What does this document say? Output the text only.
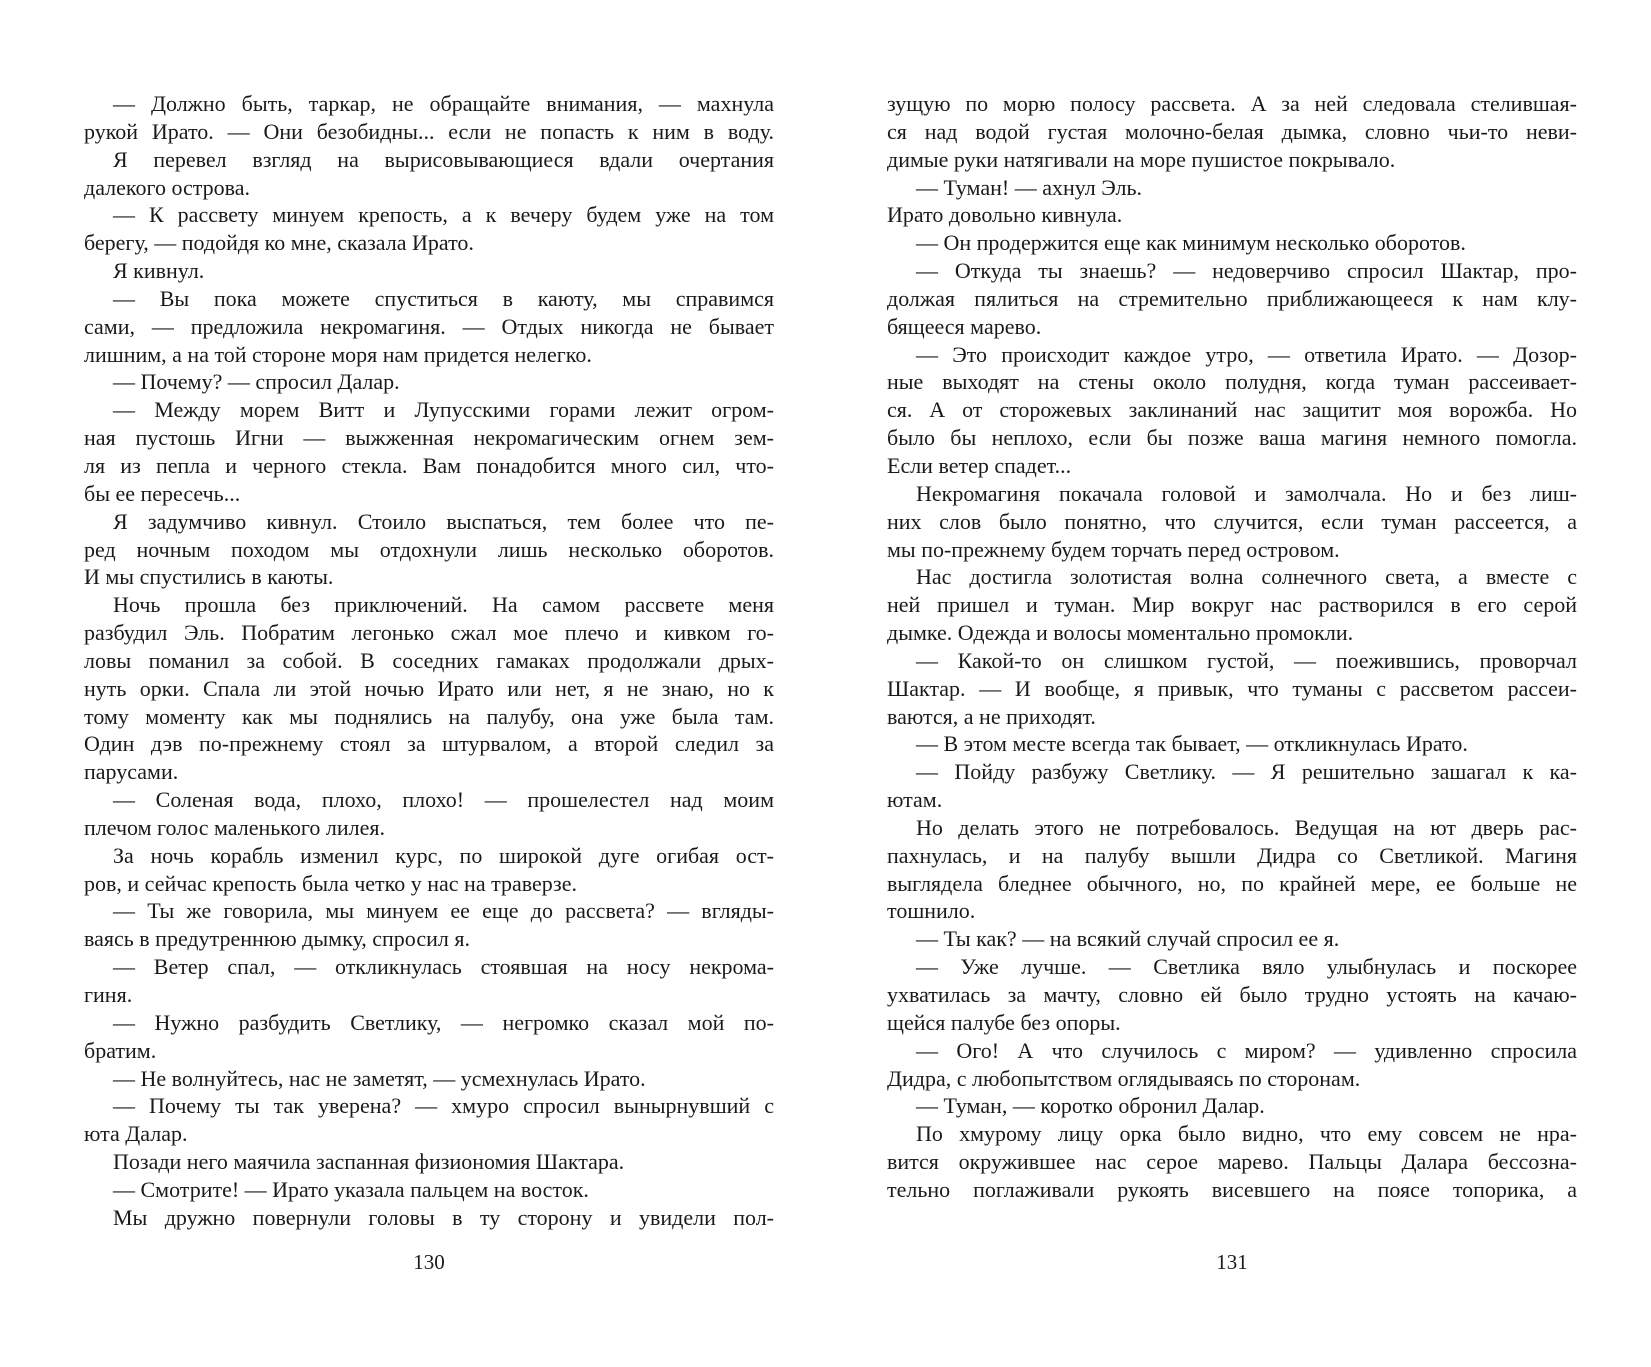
— Должно быть, таркар, не обращайте внимания, — махнула
рукой Ирато. — Они безобидны... если не попасть к ним в воду.
Я перевел взгляд на вырисовывающиеся вдали очертания
далекого острова.
— К рассвету минуем крепость, а к вечеру будем уже на том
берегу, — подойдя ко мне, сказала Ирато.
Я кивнул.
— Вы пока можете спуститься в каюту, мы справимся
сами, — предложила некромагиня. — Отдых никогда не бывает
лишним, а на той стороне моря нам придется нелегко.
— Почему? — спросил Далар.
— Между морем Витт и Лупусскими горами лежит огром-
ная пустошь Игни — выжженная некромагическим огнем зем-
ля из пепла и черного стекла. Вам понадобится много сил, что-
бы ее пересечь...
Я задумчиво кивнул. Стоило выспаться, тем более что пе-
ред ночным походом мы отдохнули лишь несколько оборотов.
И мы спустились в каюты.
Ночь прошла без приключений. На самом рассвете меня
разбудил Эль. Побратим легонько сжал мое плечо и кивком го-
ловы поманил за собой. В соседних гамаках продолжали дрых-
нуть орки. Спала ли этой ночью Ирато или нет, я не знаю, но к
тому моменту как мы поднялись на палубу, она уже была там.
Один дэв по-прежнему стоял за штурвалом, а второй следил за
парусами.
— Соленая вода, плохо, плохо! — прошелестел над моим
плечом голос маленького лилея.
За ночь корабль изменил курс, по широкой дуге огибая ост-
ров, и сейчас крепость была четко у нас на траверзе.
— Ты же говорила, мы минуем ее еще до рассвета? — вгляды-
ваясь в предутреннюю дымку, спросил я.
— Ветер спал, — откликнулась стоявшая на носу некрома-
гиня.
— Нужно разбудить Светлику, — негромко сказал мой по-
братим.
— Не волнуйтесь, нас не заметят, — усмехнулась Ирато.
— Почему ты так уверена? — хмуро спросил вынырнувший с
юта Далар.
Позади него маячила заспанная физиономия Шактара.
— Смотрите! — Ирато указала пальцем на восток.
Мы дружно повернули головы в ту сторону и увидели пол-
130
зущую по морю полосу рассвета. А за ней следовала стелившая-
ся над водой густая молочно-белая дымка, словно чьи-то неви-
димые руки натягивали на море пушистое покрывало.
— Туман! — ахнул Эль.
Ирато довольно кивнула.
— Он продержится еще как минимум несколько оборотов.
— Откуда ты знаешь? — недоверчиво спросил Шактар, про-
должая пялиться на стремительно приближающееся к нам клу-
бящееся марево.
— Это происходит каждое утро, — ответила Ирато. — Дозор-
ные выходят на стены около полудня, когда туман рассеивает-
ся. А от сторожевых заклинаний нас защитит моя ворожба. Но
было бы неплохо, если бы позже ваша магиня немного помогла.
Если ветер спадет...
Некромагиня покачала головой и замолчала. Но и без лиш-
них слов было понятно, что случится, если туман рассеется, а
мы по-прежнему будем торчать перед островом.
Нас достигла золотистая волна солнечного света, а вместе с
ней пришел и туман. Мир вокруг нас растворился в его серой
дымке. Одежда и волосы моментально промокли.
— Какой-то он слишком густой, — поежившись, проворчал
Шактар. — И вообще, я привык, что туманы с рассветом рассеи-
ваются, а не приходят.
— В этом месте всегда так бывает, — откликнулась Ирато.
— Пойду разбужу Светлику. — Я решительно зашагал к ка-
ютам.
Но делать этого не потребовалось. Ведущая на ют дверь рас-
пахнулась, и на палубу вышли Дидра со Светликой. Магиня
выглядела бледнее обычного, но, по крайней мере, ее больше не
тошнило.
— Ты как? — на всякий случай спросил ее я.
— Уже лучше. — Светлика вяло улыбнулась и поскорее
ухватилась за мачту, словно ей было трудно устоять на качаю-
щейся палубе без опоры.
— Ого! А что случилось с миром? — удивленно спросила
Дидра, с любопытством оглядываясь по сторонам.
— Туман, — коротко обронил Далар.
По хмурому лицу орка было видно, что ему совсем не нра-
вится окружившее нас серое марево. Пальцы Далара бессозна-
тельно поглаживали рукоять висевшего на поясе топорика, а
131
